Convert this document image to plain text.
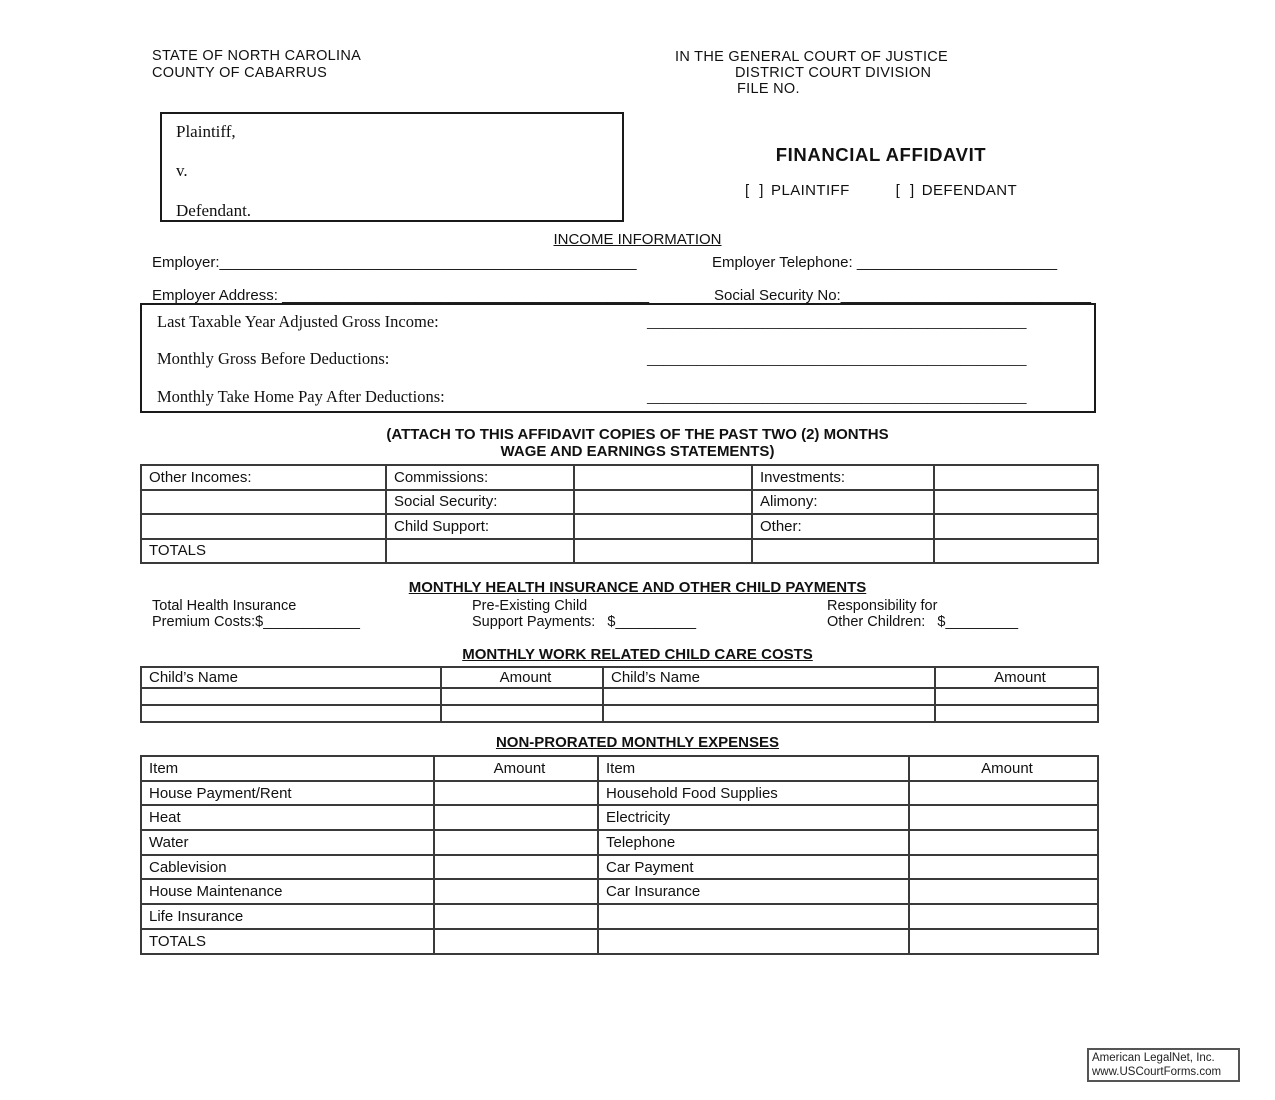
STATE OF NORTH CAROLINA
COUNTY OF CABARRUS
IN THE GENERAL COURT OF JUSTICE
DISTRICT COURT DIVISION
FILE NO.
Plaintiff,
v.
Defendant.
FINANCIAL AFFIDAVIT
[ ] PLAINTIFF	[ ] DEFENDANT
INCOME INFORMATION
Employer:__________________________________________________	Employer Telephone: ________________________
Employer Address: ____________________________________________	Social Security No:______________________________
Last Taxable Year Adjusted Gross Income:	______________________________________________
Monthly Gross Before Deductions:	______________________________________________
Monthly Take Home Pay After Deductions:	______________________________________________
(ATTACH TO THIS AFFIDAVIT COPIES OF THE PAST TWO (2) MONTHS
WAGE AND EARNINGS STATEMENTS)
Other Incomes:	Commissions:		Investments:	
	Social Security:		Alimony:	
	Child Support:		Other:	
TOTALS				
MONTHLY HEALTH INSURANCE AND OTHER CHILD PAYMENTS
Total Health Insurance
Premium Costs:$____________
Pre-Existing Child
Support Payments:   $__________
Responsibility for
Other Children:   $_________
MONTHLY WORK RELATED CHILD CARE COSTS
Child’s Name	Amount	Child’s Name	Amount

NON-PRORATED MONTHLY EXPENSES
Item	Amount	Item	Amount
House Payment/Rent		Household Food Supplies	
Heat		Electricity	
Water		Telephone	
Cablevision		Car Payment	
House Maintenance		Car Insurance	
Life Insurance			
TOTALS			
American LegalNet, Inc.
www.USCourtForms.com
